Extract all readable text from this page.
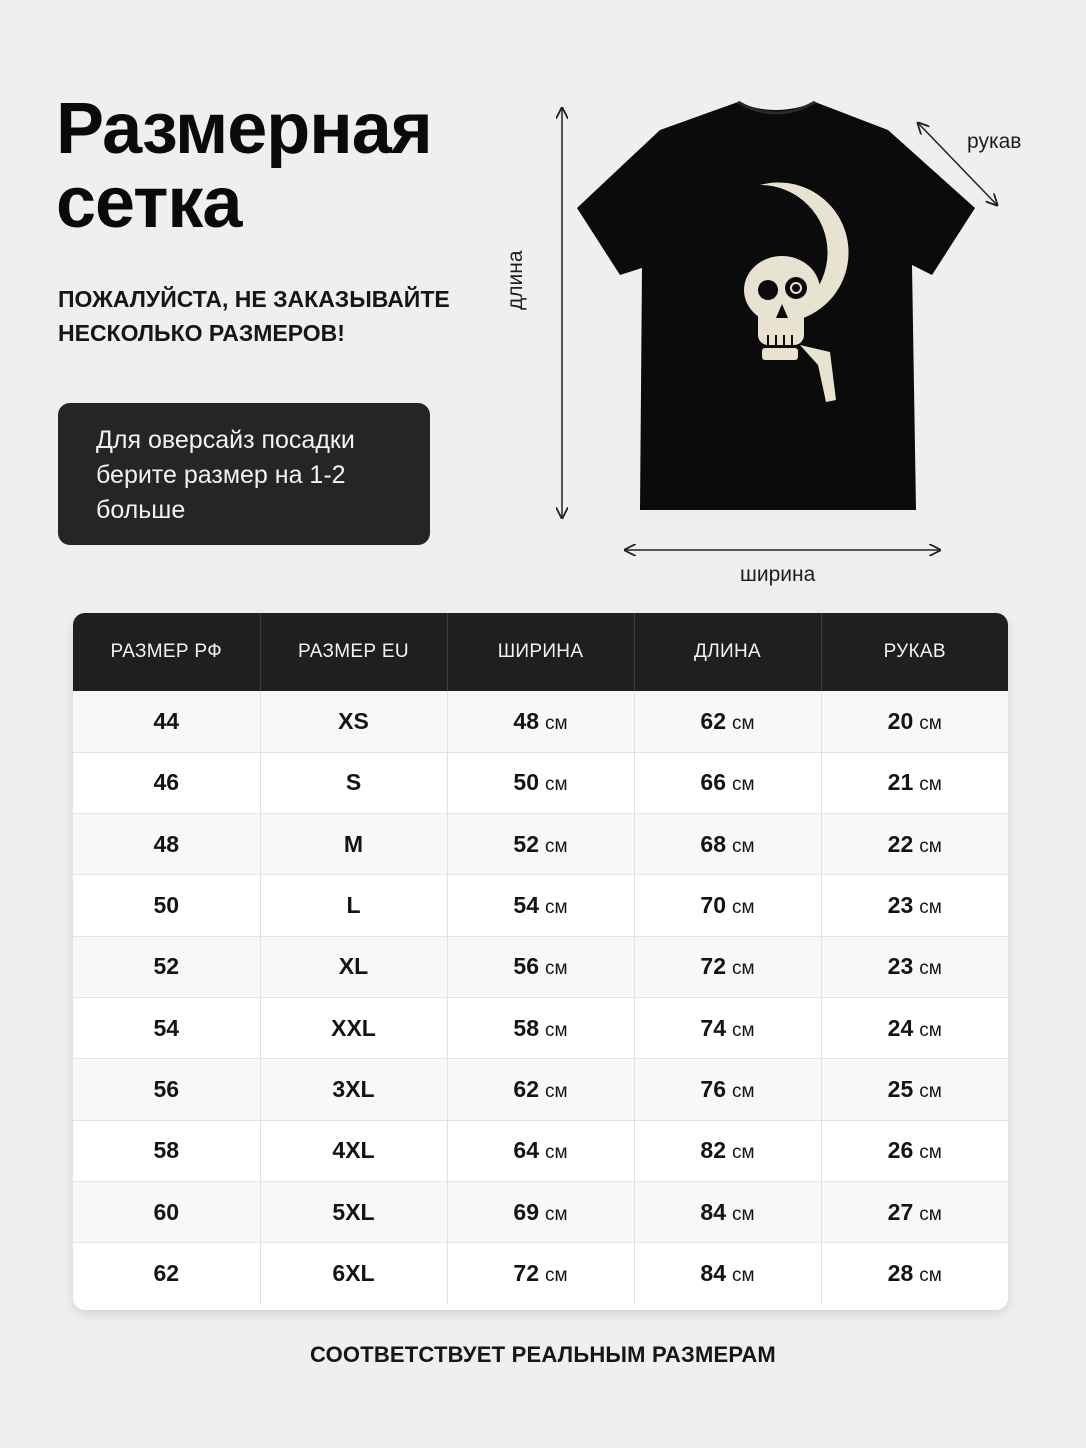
Размерная
сетка
ПОЖАЛУЙСТА, НЕ ЗАКАЗЫВАЙТЕ
НЕСКОЛЬКО РАЗМЕРОВ!
Для оверсайз посадки берите размер на 1-2 больше
рукав
длина
ширина
РАЗМЕР РФ	РАЗМЕР EU	ШИРИНА	ДЛИНА	РУКАВ
44	XS	48 см	62 см	20 см
46	S	50 см	66 см	21 см
48	M	52 см	68 см	22 см
50	L	54 см	70 см	23 см
52	XL	56 см	72 см	23 см
54	XXL	58 см	74 см	24 см
56	3XL	62 см	76 см	25 см
58	4XL	64 см	82 см	26 см
60	5XL	69 см	84 см	27 см
62	6XL	72 см	84 см	28 см
СООТВЕТСТВУЕТ РЕАЛЬНЫМ РАЗМЕРАМ
